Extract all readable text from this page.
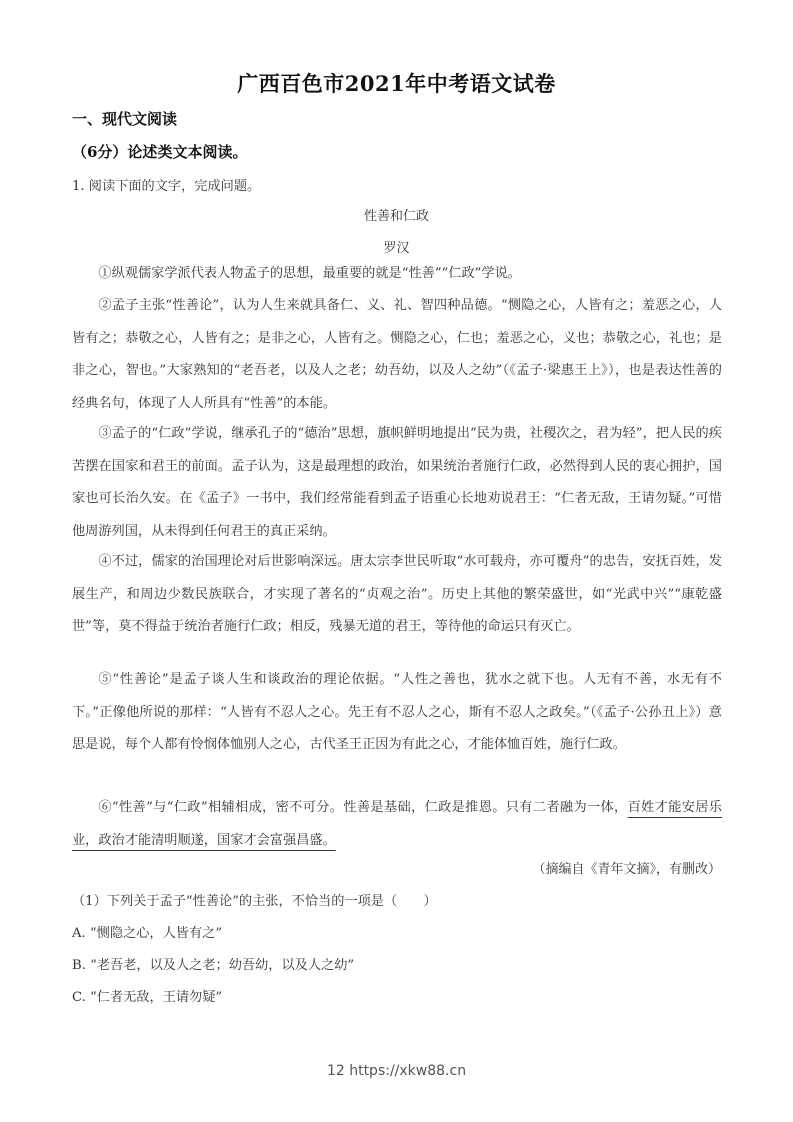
广西百色市2021年中考语文试卷
一、现代文阅读
（6分）论述类文本阅读。
1. 阅读下面的文字，完成问题。
性善和仁政
罗汉
①纵观儒家学派代表人物孟子的思想，最重要的就是“性善”“仁政”学说。
②孟子主张“性善论”，认为人生来就具备仁、义、礼、智四种品德。“恻隐之心，人皆有之；羞恶之心，人皆有之；恭敬之心，人皆有之；是非之心，人皆有之。恻隐之心，仁也；羞恶之心，义也；恭敬之心，礼也；是非之心，智也。”大家熟知的“老吾老，以及人之老；幼吾幼，以及人之幼”（《孟子·梁惠王上》），也是表达性善的经典名句，体现了人人所具有“性善”的本能。
③孟子的“仁政”学说，继承孔子的“德治”思想，旗帜鲜明地提出“民为贵，社稷次之，君为轻”，把人民的疾苦摆在国家和君王的前面。孟子认为，这是最理想的政治，如果统治者施行仁政，必然得到人民的衷心拥护，国家也可长治久安。在《孟子》一书中，我们经常能看到孟子语重心长地劝说君王：“仁者无敌，王请勿疑。”可惜他周游列国，从未得到任何君王的真正采纳。
④不过，儒家的治国理论对后世影响深远。唐太宗李世民听取“水可载舟，亦可覆舟”的忠告，安抚百姓，发展生产，和周边少数民族联合，才实现了著名的“贞观之治”。历史上其他的繁荣盛世，如“光武中兴”“康乾盛世”等，莫不得益于统治者施行仁政；相反，残暴无道的君王，等待他的命运只有灭亡。
⑤“性善论”是孟子谈人生和谈政治的理论依据。“人性之善也，犹水之就下也。人无有不善，水无有不下。”正像他所说的那样：“人皆有不忍人之心。先王有不忍人之心，斯有不忍人之政矣。”（《孟子·公孙丑上》）意思是说，每个人都有怜悯体恤别人之心，古代圣王正因为有此之心，才能体恤百姓，施行仁政。
⑥“性善”与“仁政”相辅相成，密不可分。性善是基础，仁政是推恩。只有二者融为一体，百姓才能安居乐业，政治才能清明顺遂，国家才会富强昌盛。
（摘编自《青年文摘》，有删改）
（1）下列关于孟子“性善论”的主张，不恰当的一项是（　　）
A. “恻隐之心，人皆有之”
B. “老吾老，以及人之老；幼吾幼，以及人之幼”
C. “仁者无敌，王请勿疑”
12 https://xkw88.cn
